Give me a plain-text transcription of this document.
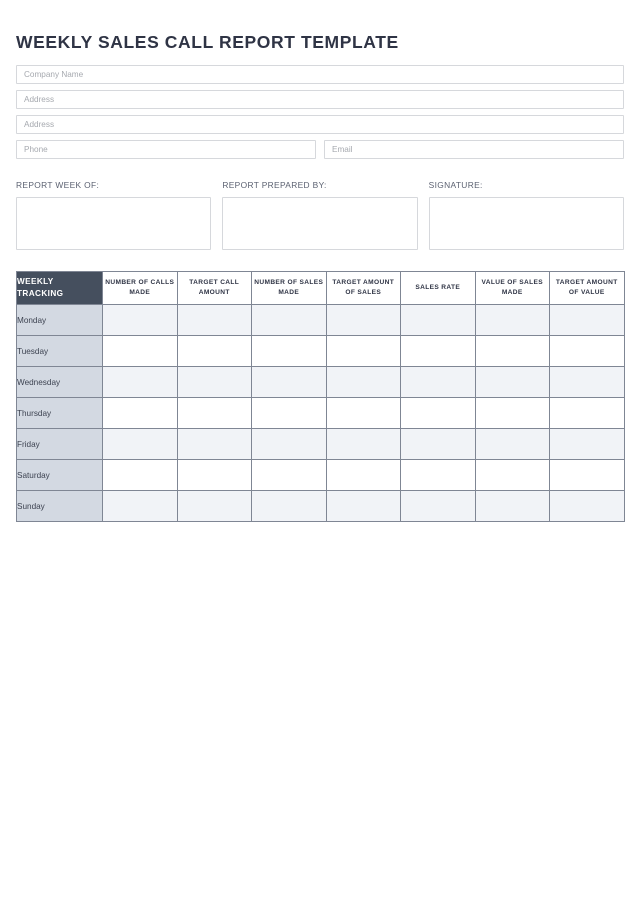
WEEKLY SALES CALL REPORT TEMPLATE
Company Name
Address
Address
Phone
Email
REPORT WEEK OF:	REPORT PREPARED BY:	SIGNATURE:
WEEKLY TRACKING	NUMBER OF CALLS MADE	TARGET CALL AMOUNT	NUMBER OF SALES MADE	TARGET AMOUNT OF SALES	SALES RATE	VALUE OF SALES MADE	TARGET AMOUNT OF VALUE
Monday							
Tuesday							
Wednesday							
Thursday							
Friday							
Saturday							
Sunday							
